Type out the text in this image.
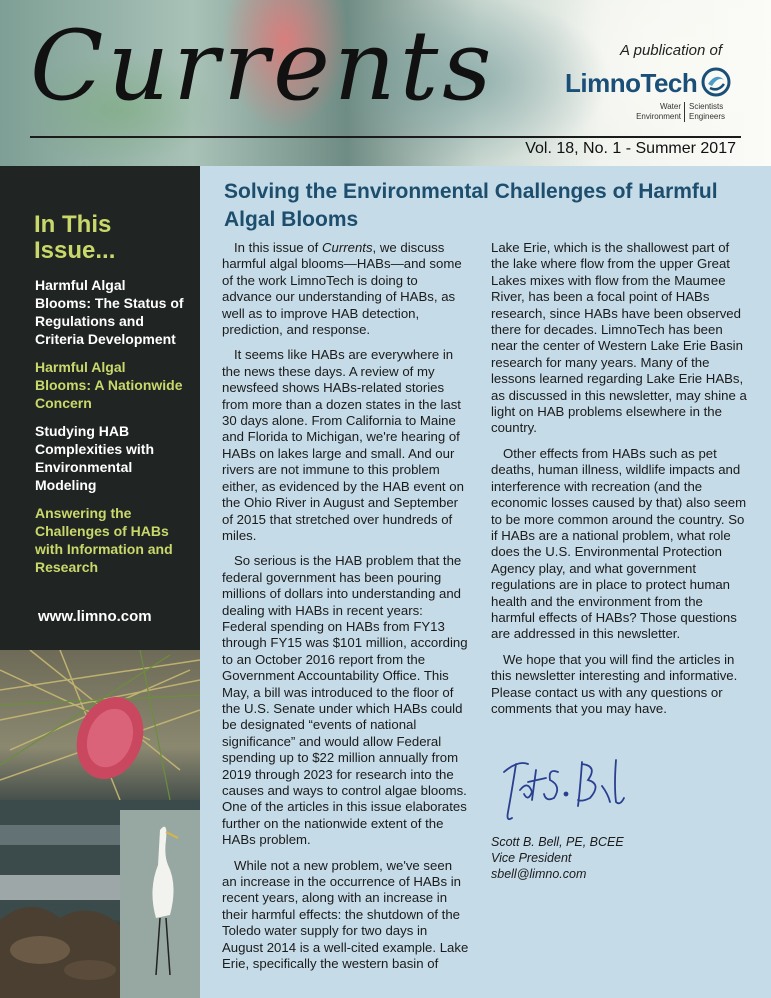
Currents	A publication of
LimnoTech
Water
Environment
Scientists
Engineers
Vol. 18, No. 1 - Summer 2017
In This Issue...
Harmful Algal Blooms: The Status of Regulations and Criteria Development
Harmful Algal Blooms: A Nationwide Concern
Studying HAB Complexities with Environmental Modeling
Answering the Challenges of HABs with Information and Research
www.limno.com
Solving the Environmental Challenges of Harmful Algal Blooms

In this issue of Currents, we discuss harmful algal blooms—HABs—and some of the work LimnoTech is doing to advance our understanding of HABs, as well as to improve HAB detection, prediction, and response.

It seems like HABs are everywhere in the news these days. A review of my newsfeed shows HABs-related stories from more than a dozen states in the last 30 days alone. From California to Maine and Florida to Michigan, we're hearing of HABs on lakes large and small. And our rivers are not immune to this problem either, as evidenced by the HAB event on the Ohio River in August and September of 2015 that stretched over hundreds of miles.

So serious is the HAB problem that the federal government has been pouring millions of dollars into understanding and dealing with HABs in recent years: Federal spending on HABs from FY13 through FY15 was $101 million, according to an October 2016 report from the Government Accountability Office. This May, a bill was introduced to the floor of the U.S. Senate under which HABs could be designated “events of national significance” and would allow Federal spending up to $22 million annually from 2019 through 2023 for research into the causes and ways to control algae blooms. One of the articles in this issue elaborates further on the nationwide extent of the HABs problem.

While not a new problem, we've seen an increase in the occurrence of HABs in recent years, along with an increase in their harmful effects: the shutdown of the Toledo water supply for two days in August 2014 is a well-cited example. Lake Erie, specifically the western basin of

Lake Erie, which is the shallowest part of the lake where flow from the upper Great Lakes mixes with flow from the Maumee River, has been a focal point of HABs research, since HABs have been observed there for decades. LimnoTech has been near the center of Western Lake Erie Basin research for many years. Many of the lessons learned regarding Lake Erie HABs, as discussed in this newsletter, may shine a light on HAB problems elsewhere in the country.

Other effects from HABs such as pet deaths, human illness, wildlife impacts and interference with recreation (and the economic losses caused by that) also seem to be more common around the country. So if HABs are a national problem, what role does the U.S. Environmental Protection Agency play, and what government regulations are in place to protect human health and the environment from the harmful effects of HABs? Those questions are addressed in this newsletter.

We hope that you will find the articles in this newsletter interesting and informative. Please contact us with any questions or comments that you may have.

Scott B. Bell, PE, BCEE
Vice President
sbell@limno.com
